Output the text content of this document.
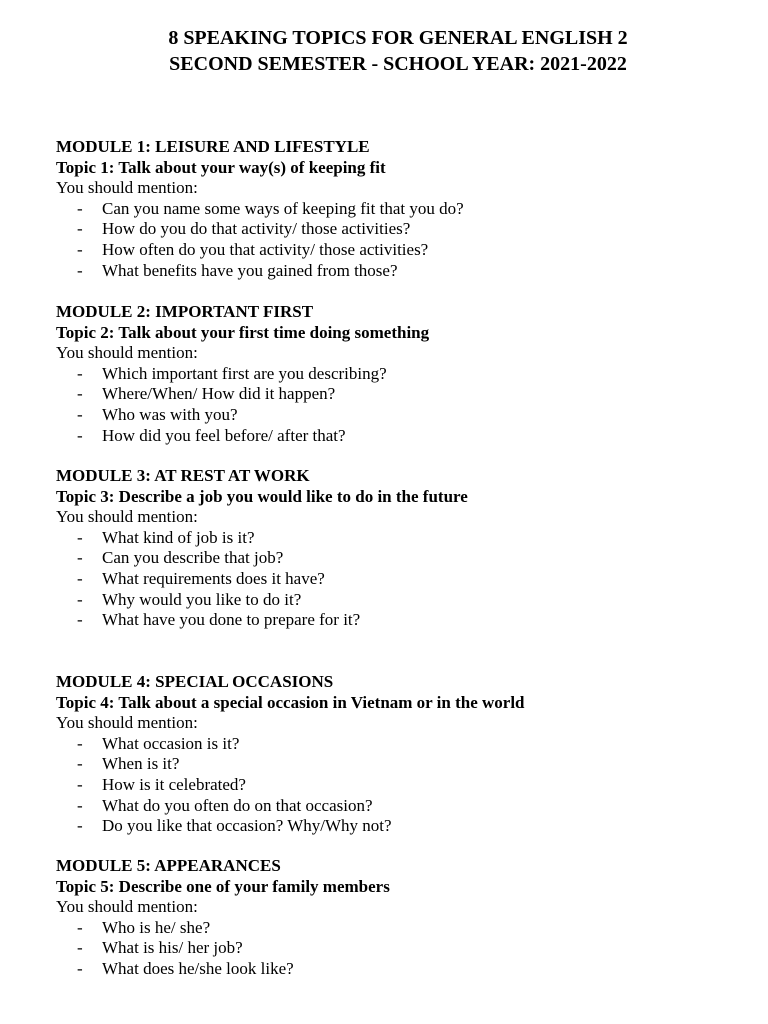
8 SPEAKING TOPICS FOR GENERAL ENGLISH 2
SECOND SEMESTER - SCHOOL YEAR: 2021-2022

MODULE 1: LEISURE AND LIFESTYLE

Topic 1: Talk about your way(s) of keeping fit

You should mention:

- Can you name some ways of keeping fit that you do?
- How do you do that activity/ those activities?
- How often do you that activity/ those activities?
- What benefits have you gained from those?

MODULE 2: IMPORTANT FIRST

Topic 2: Talk about your first time doing something

You should mention:

- Which important first are you describing?
- Where/When/ How did it happen?
- Who was with you?
- How did you feel before/ after that?

MODULE 3: AT REST AT WORK

Topic 3: Describe a job you would like to do in the future

You should mention:

- What kind of job is it?
- Can you describe that job?
- What requirements does it have?
- Why would you like to do it?
- What have you done to prepare for it?

MODULE 4: SPECIAL OCCASIONS

Topic 4: Talk about a special occasion in Vietnam or in the world

You should mention:

- What occasion is it?
- When is it?
- How is it celebrated?
- What do you often do on that occasion?
- Do you like that occasion? Why/Why not?

MODULE 5: APPEARANCES

Topic 5: Describe one of your family members

You should mention:

- Who is he/ she?
- What is his/ her job?
- What does he/she look like?
